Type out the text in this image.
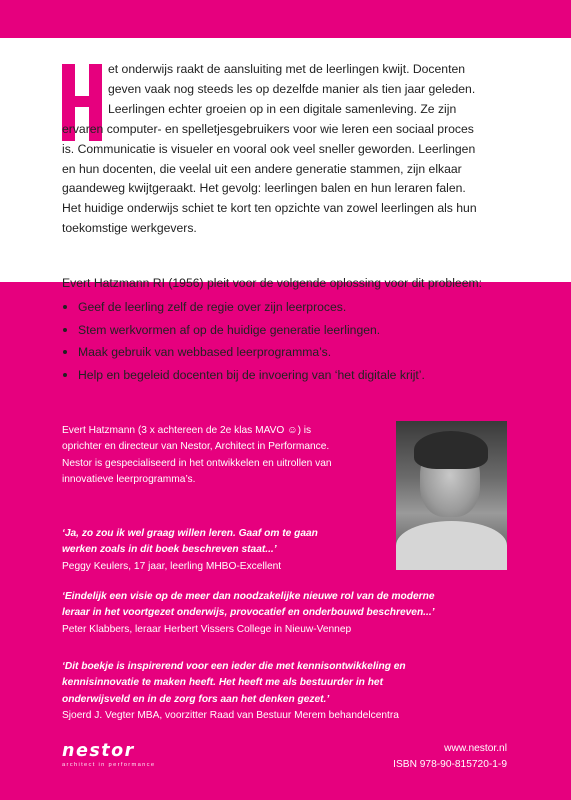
et onderwijs raakt de aansluiting met de leerlingen kwijt. Docenten
geven vaak nog steeds les op dezelfde manier als tien jaar geleden.
Leerlingen echter groeien op in een digitale samenleving. Ze zijn
ervaren computer- en spelletjesgebruikers voor wie leren een sociaal proces
is. Communicatie is visueler en vooral ook veel sneller geworden. Leerlingen
en hun docenten, die veelal uit een andere generatie stammen, zijn elkaar
gaandeweg kwijtgeraakt. Het gevolg: leerlingen balen en hun leraren falen.
Het huidige onderwijs schiet te kort ten opzichte van zowel leerlingen als hun
toekomstige werkgevers.
Evert Hatzmann RI (1956) pleit voor de volgende oplossing voor dit probleem:
Geef de leerling zelf de regie over zijn leerproces.
Stem werkvormen af op de huidige generatie leerlingen.
Maak gebruik van webbased leerprogramma’s.
Help en begeleid docenten bij de invoering van ‘het digitale krijt’.
Evert Hatzmann (3 x achtereen de 2e klas MAVO ☺) is
oprichter en directeur van Nestor, Architect in Performance.
Nestor is gespecialiseerd in het ontwikkelen en uitrollen van
innovatieve leerprogramma’s.

‘Ja, zo zou ik wel graag willen leren. Gaaf om te gaan
werken zoals in dit boek beschreven staat...’

Peggy Keulers, 17 jaar, leerling MHBO-Excellent

‘Eindelijk een visie op de meer dan noodzakelijke nieuwe rol van de moderne
leraar in het voortgezet onderwijs, provocatief en onderbouwd beschreven...’

Peter Klabbers, leraar Herbert Vissers College in Nieuw-Vennep

‘Dit boekje is inspirerend voor een ieder die met kennisontwikkeling en
kennisinnovatie te maken heeft. Het heeft me als bestuurder in het
onderwijsveld en in de zorg fors aan het denken gezet.’

Sjoerd J. Vegter MBA, voorzitter Raad van Bestuur Merem behandelcentra

nestor
architect in performance
www.nestor.nl
ISBN 978-90-815720-1-9
